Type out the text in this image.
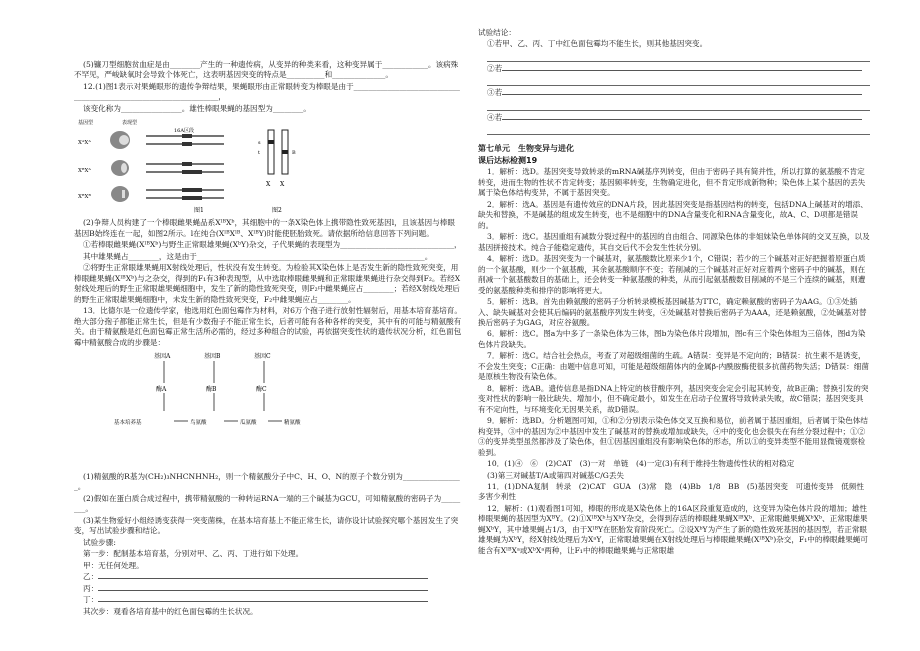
(5)镰刀型细胞贫血症是由________产生的一种遗传病，从变异的种类来看，这种变异属于____________。该病殊不罕见，严峻缺氧时会导致个体死亡，这表明基因突变的特点是__________和______________。

12.(1)图1表示对果蝇眼形的遗传争辩结果，果蝇眼形由正常眼转变为棒眼是由于__________________________________________________________________，

该变化称为________________。雄性棒眼果蝇的基因型为________。

基因型	表现型
16A区段
XᴬXᴬ
XᴮXᴬ
XᴮXᴮ
图1
X X
s
t	B
图2

(2)争辩人员构建了一个棒眼雌果蝇品系XˡᴮXᵇ，其细胞中的一条X染色体上携带隐性致死基因l，且该基因与棒眼基因B始终连在一起，如图2所示。l在纯合(XˡᴮXˡᴮ、XˡᴮY)时能使胚胎致死。请依据所给信息回答下列问题。

①若棒眼雌果蝇(XˡᴮXᵇ)与野生正常眼雄果蝇(XᵇY)杂交，子代果蝇的表现型为______________________________，

其中雄果蝇占________，这是由于____________________________________________________________。

②将野生正常眼雄果蝇用X射线处理后，性状没有发生转变。为检验其X染色体上是否发生新的隐性致死突变，用棒眼雌果蝇(XˡᴮXᵇ)与之杂交，得到的F₁有3种表现型，从中选取棒眼雌果蝇和正常眼雄果蝇进行杂交得到F₂。若经X射线处理后的野生正常眼雄果蝇细胞中，发生了新的隐性致死突变，则F₂中雌果蝇应占________；若经X射线处理后的野生正常眼雄果蝇细胞中，未发生新的隐性致死突变，F₂中雌果蝇应占________。

13．比德尔是一位遗传学家，他选用红色面包霉作为材料，对6万个孢子进行放射性辐射后，用基本培育基培育。绝大部分孢子都能正常生长，但是有少数孢子不能正常生长，后者可能有各种各样的突变，其中有的可能与精氨酸有关。由于精氨酸是红色面包霉正常生活所必需的，经过多种组合的试验，再依据突变性状的遗传状况分析，红色面包霉中精氨酸合成的步骤是：

基因A	基因B	基因C
酶A	酶B	酶C
基本培养基	鸟氨酸	瓜氨酸	精氨酸

(1)精氨酸的R基为(CH₂)₃NHCNHNH₂，则一个精氨酸分子中C、H、O、N的原子个数分别为________________。

(2)假如在蛋白质合成过程中，携带精氨酸的一种转运RNA一端的三个碱基为GCU，可知精氨酸的密码子为________。

(3)某生物爱好小组经诱变获得一突变菌株，在基本培育基上不能正常生长，请你设计试验探究哪个基因发生了突变，写出试验步骤和结论。

试验步骤:

第一步：配制基本培育基，分别对甲、乙、丙、丁进行如下处理。

甲：无任何处理。

乙：

丙：

丁：

其次步：观看各培育基中的红色面包霉的生长状况。

试验结论：

①若甲、乙、丙、丁中红色面包霉均不能生长，则其他基因突变。

②若

③若

④若

第七单元　生物变异与进化

课后达标检测19

1．解析：选D。基因突变导致转录的mRNA碱基序列转变，但由于密码子具有简并性，所以打算的氨基酸不肯定转变，进而生物的性状不肯定转变；基因频率转变，生物确定进化，但不肯定形成新物种；染色体上某个基因的丢失属于染色体结构变异，不属于基因突变。

2．解析：选A。基因是有遗传效应的DNA片段，因此基因突变是指基因结构的转变，包括DNA上碱基对的增添、缺失和替换，不是碱基的组成发生转变，也不是细胞中的DNA含量变化和RNA含量变化，故A、C、D项都是错误的。

3．解析：选C。基因重组有减数分裂过程中的基因的自由组合、同源染色体的非姐妹染色单体间的交叉互换，以及基因拼接技术。纯合子能稳定遗传，其自交后代不会发生性状分别。

4．解析：选D。基因突变为一个碱基对，氨基酸数比原来少1个，C错误；若少的三个碱基对正好把握着原蛋白质的一个氨基酸，则少一个氨基酸，其余氨基酸顺序不变；若削减的三个碱基对正好对应着两个密码子中的碱基，则在削减一个氨基酸数目的基础上，还会转变一种氨基酸的种类，从而引起氨基酸数目削减的不是三个连续的碱基，则遭受的氨基酸种类和排序的影响将更大。

5．解析：选B。首先由赖氨酸的密码子分析转录模板基因碱基为TTC，确定赖氨酸的密码子为AAG。①③处插入、缺失碱基对会使其后编码的氨基酸序列发生转变，④处碱基对替换后密码子为AAA，还是赖氨酸，②处碱基对替换后密码子为GAG，对应谷氨酸。

6．解析：选C。图a为中多了一条染色体为三体，图b为染色体片段增加，图c有三个染色体组为三倍体，图d为染色体片段缺失。

7．解析：选C。结合社会热点，考查了对超级细菌的生疏。A错误：变异是不定向的；B错误：抗生素不是诱变，不会发生突变；C正确：由题中信息可知，可能是超级细菌体内的金属β-内酰胺酶使很多抗菌药物失活；D错误：细菌是原核生物没有染色体。

8．解析：选AB。遗传信息是指DNA上特定的核苷酸序列，基因突变会定会引起其转变，故B正确；替换引发的突变对性状的影响一般比缺失、增加小，但不确定最小，如发生在启动子位置将导致转录失败，故C错误；基因突变具有不定向性，与环境变化无因果关系，故D错误。

9．解析：选BD。分析题图可知，①和②分别表示染色体交叉互换和易位，前者属于基因重组，后者属于染色体结构变异，③中的基因为②中基因中发生了碱基对的替换或增加或缺失，④中的变化也会很失在有丝分裂过程中；①②③的变异类型虽然都涉及了染色体，但①因基因重组没有影响染色体的形态，所以①的变异类型不能用显微镜观察检验到。

10．(1)④　⑥　(2)CAT　(3)一对　单链　(4)一定(3)有利于维持生物遗传性状的相对稳定

(3)第三对碱基T/A或第四对碱基C/G丢失

11．(1)DNA复制　转录　(2)CAT　GUA　(3)常　隐　(4)Bb　1/8　BB　(5)基因突变　可遗传变异　低频性　多害少利性

12．解析：(1)观看图1可知，棒眼的形成是X染色体上的16A区段重复造成的，这变异为染色体片段的增加；雄性棒眼果蝇的基因型为XᴮY。(2)①XˡᴮXᵇ与XᵇY杂交，会得到存活的棒眼雌果蝇XˡᴮXᵇ、正常眼雌果蝇XᵇXᵇ、正常眼雄果蝇XᵇY，其中雄果蝇占1/3，由于XˡᴮY在胚胎发育阶段死亡。②设XᵇY为产生了新的隐性致死基因的基因型，若正常眼雄果蝇为XᵇY，经X射线处理后为XᵃY，正常眼雄果蝇在X射线处理后与棒眼雌果蝇(XˡᴮXᵇ)杂交，F₁中的棒眼雌果蝇可能含有XˡᴮXᵃ或XᵇXᵃ两种，让F₁中的棒眼雌果蝇与正常眼雄
